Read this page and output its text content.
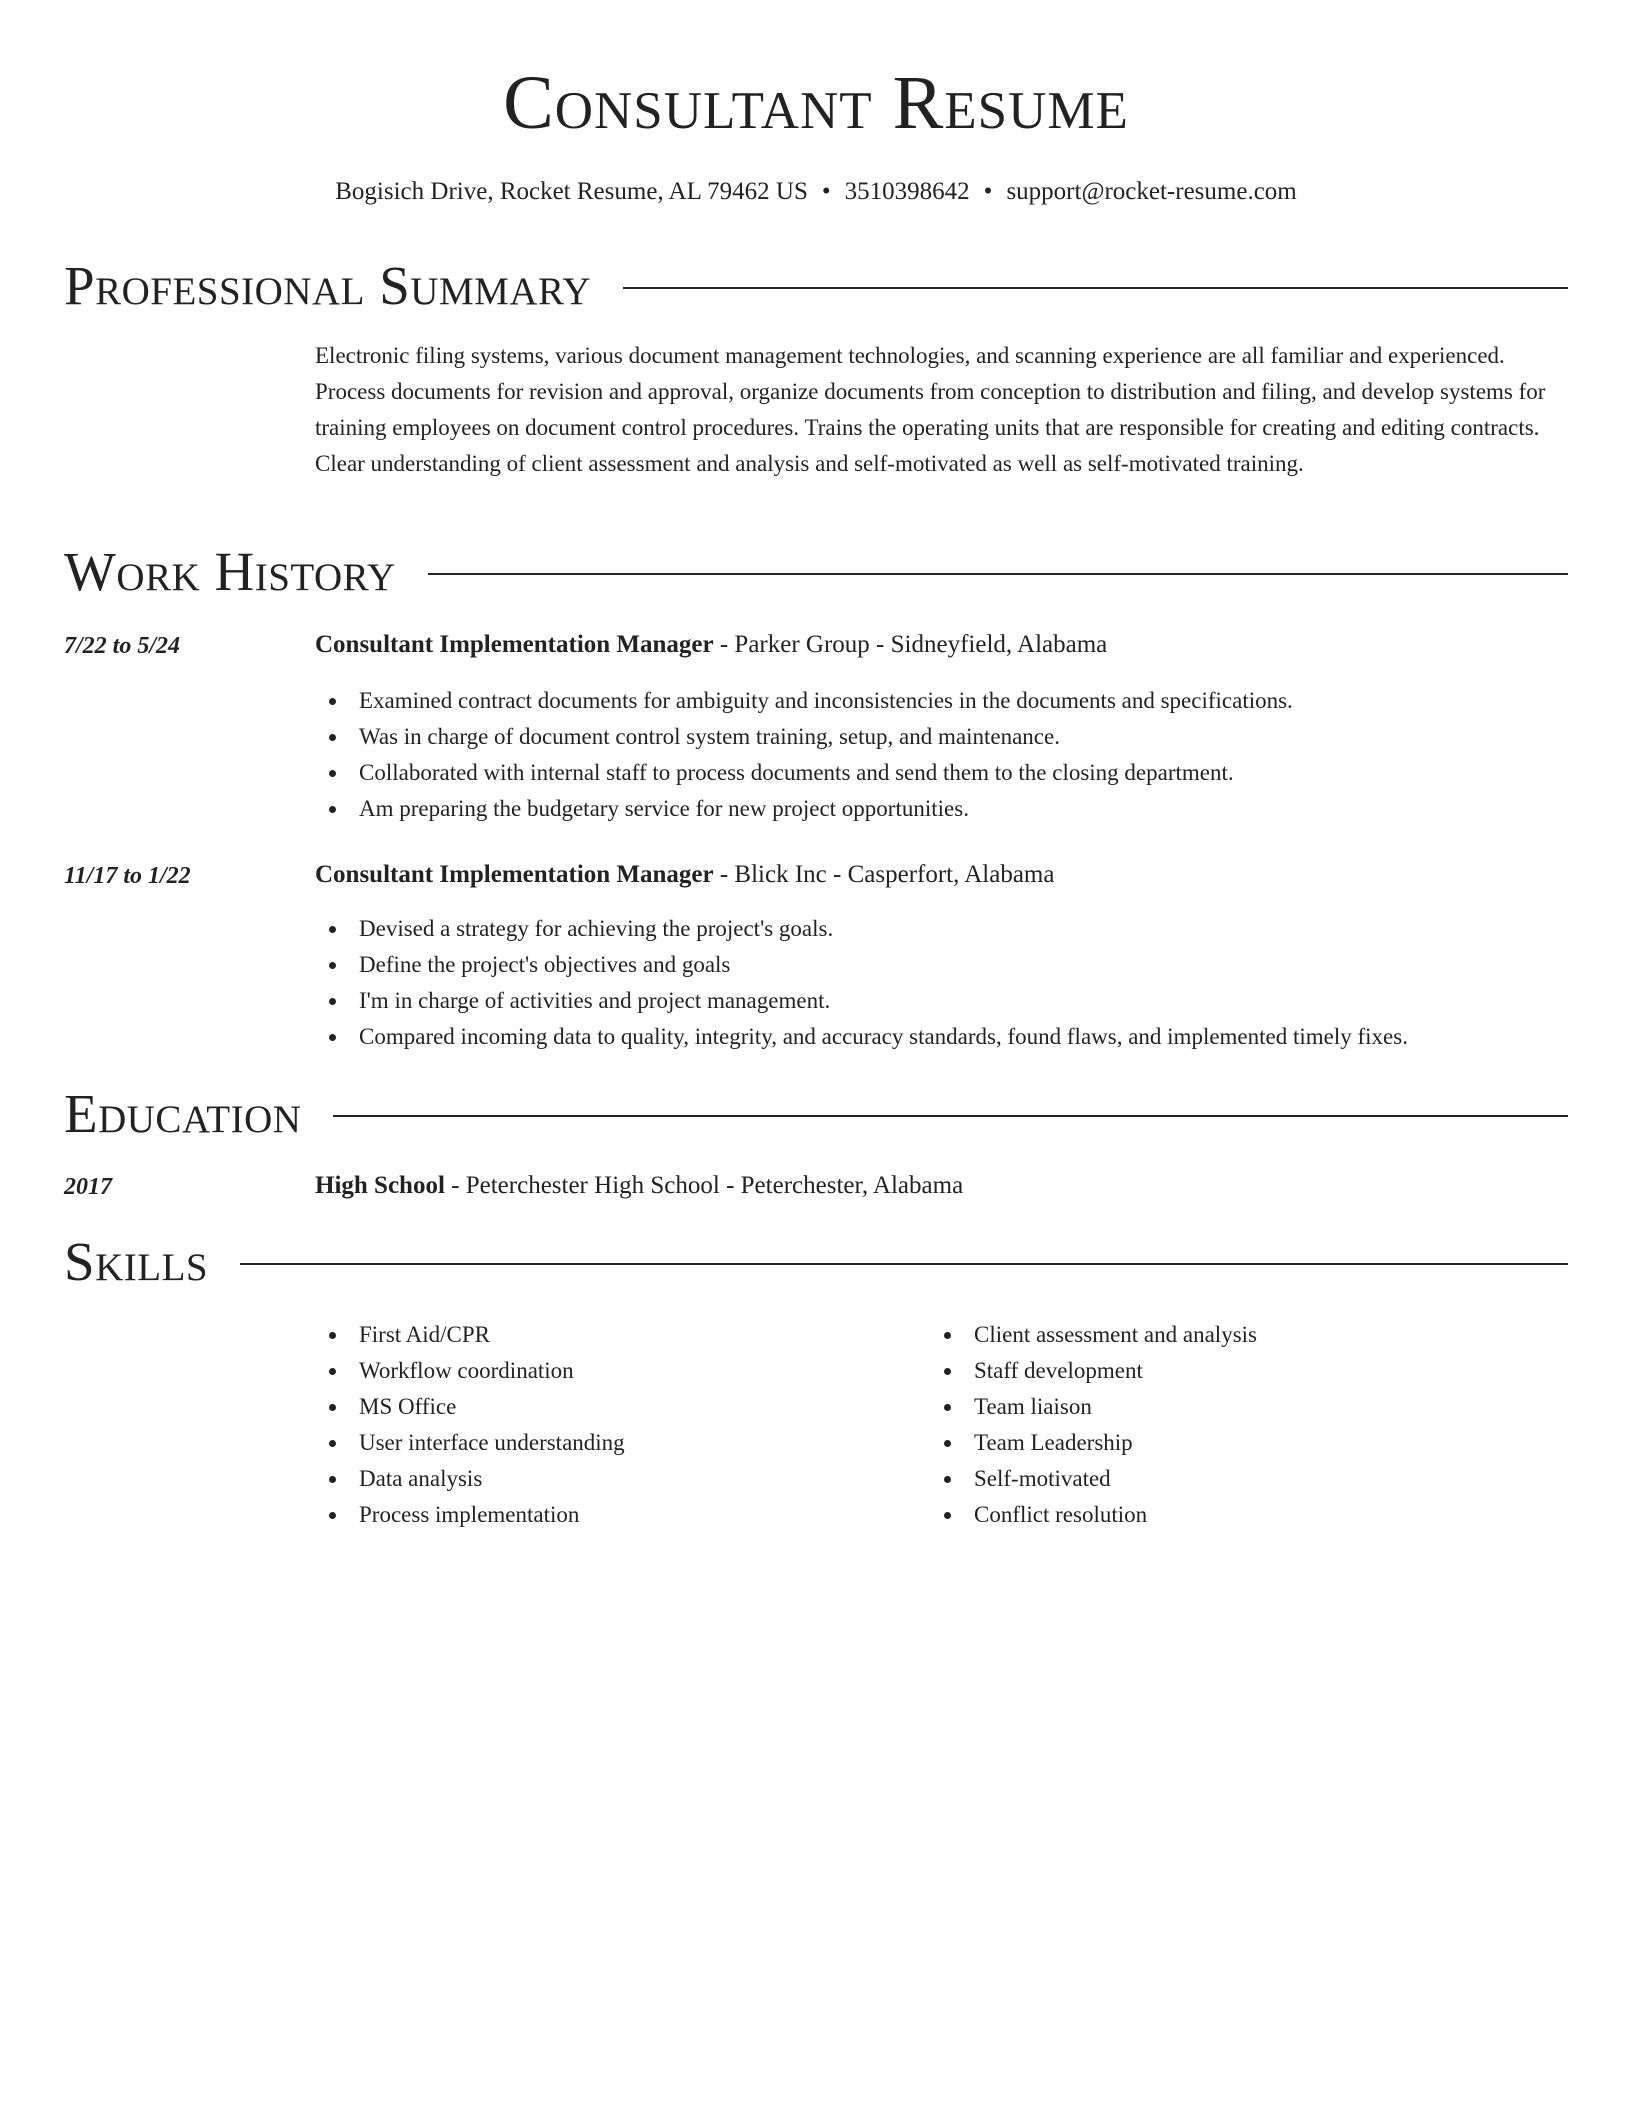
Consultant Resume
Bogisich Drive, Rocket Resume, AL 79462 US • 3510398642 • support@rocket-resume.com
Professional Summary
Electronic filing systems, various document management technologies, and scanning experience are all familiar and experienced. Process documents for revision and approval, organize documents from conception to distribution and filing, and develop systems for training employees on document control procedures. Trains the operating units that are responsible for creating and editing contracts. Clear understanding of client assessment and analysis and self-motivated as well as self-motivated training.
Work History
7/22 to 5/24	Consultant Implementation Manager - Parker Group - Sidneyfield, Alabama
Examined contract documents for ambiguity and inconsistencies in the documents and specifications.
Was in charge of document control system training, setup, and maintenance.
Collaborated with internal staff to process documents and send them to the closing department.
Am preparing the budgetary service for new project opportunities.
11/17 to 1/22	Consultant Implementation Manager - Blick Inc - Casperfort, Alabama
Devised a strategy for achieving the project's goals.
Define the project's objectives and goals
I'm in charge of activities and project management.
Compared incoming data to quality, integrity, and accuracy standards, found flaws, and implemented timely fixes.
Education
2017	High School - Peterchester High School - Peterchester, Alabama
Skills
First Aid/CPR
Workflow coordination
MS Office
User interface understanding
Data analysis
Process implementation
Client assessment and analysis
Staff development
Team liaison
Team Leadership
Self-motivated
Conflict resolution
